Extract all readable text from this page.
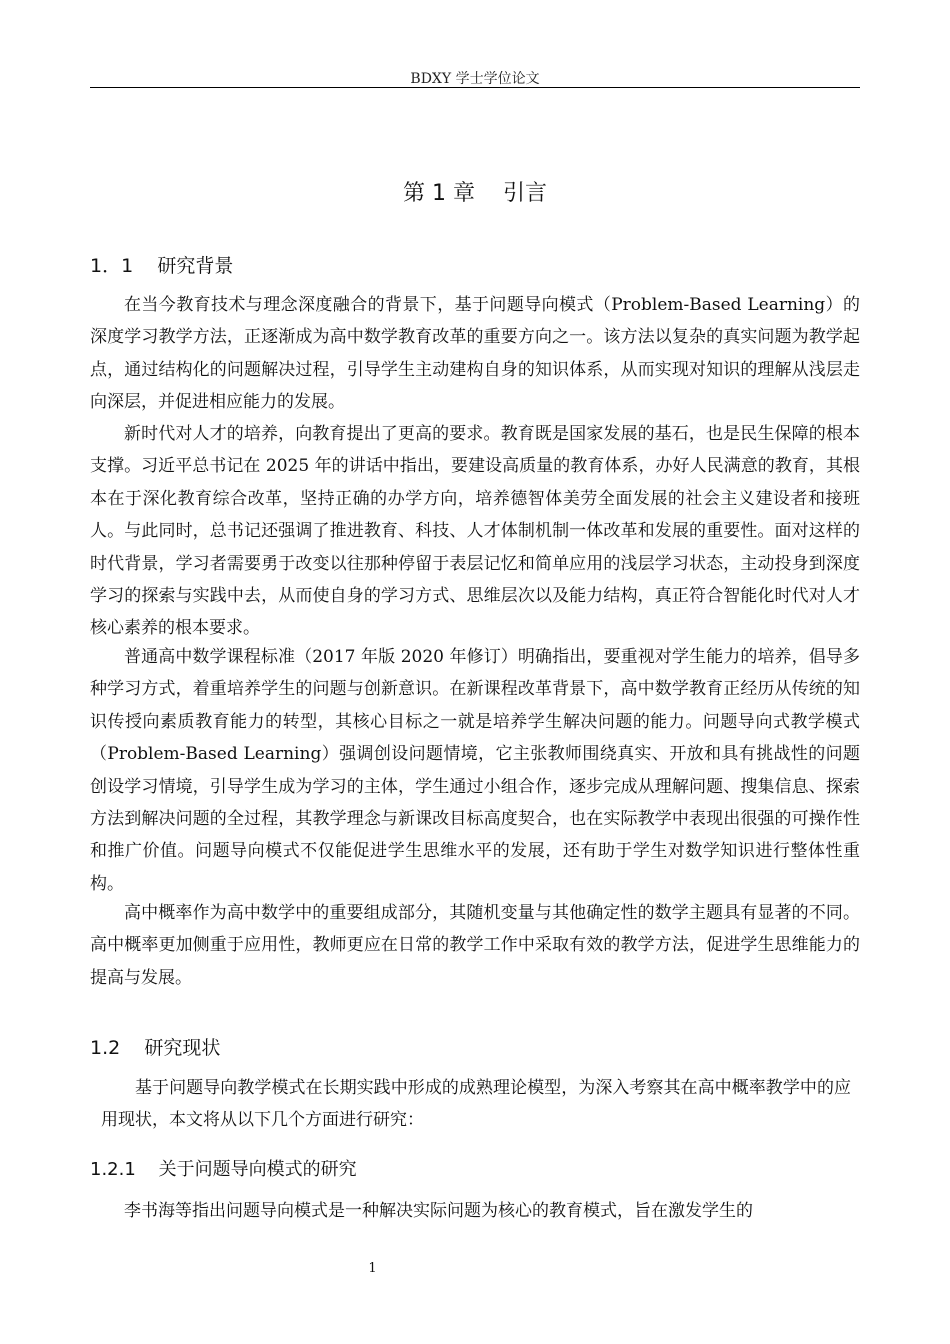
BDXY 学士学位论文
第 1 章    引言
1．1    研究背景

在当今教育技术与理念深度融合的背景下，基于问题导向模式（Problem-Based Learning）的深度学习教学方法，正逐渐成为高中数学教育改革的重要方向之一。该方法以复杂的真实问题为教学起点，通过结构化的问题解决过程，引导学生主动建构自身的知识体系，从而实现对知识的理解从浅层走向深层，并促进相应能力的发展。

新时代对人才的培养，向教育提出了更高的要求。教育既是国家发展的基石，也是民生保障的根本支撑。习近平总书记在 2025 年的讲话中指出，要建设高质量的教育体系，办好人民满意的教育，其根本在于深化教育综合改革，坚持正确的办学方向，培养德智体美劳全面发展的社会主义建设者和接班人。与此同时，总书记还强调了推进教育、科技、人才体制机制一体改革和发展的重要性。面对这样的时代背景，学习者需要勇于改变以往那种停留于表层记忆和简单应用的浅层学习状态，主动投身到深度学习的探索与实践中去，从而使自身的学习方式、思维层次以及能力结构，真正符合智能化时代对人才核心素养的根本要求。

普通高中数学课程标准（2017 年版 2020 年修订）明确指出，要重视对学生能力的培养，倡导多种学习方式，着重培养学生的问题与创新意识。在新课程改革背景下，高中数学教育正经历从传统的知识传授向素质教育能力的转型，其核心目标之一就是培养学生解决问题的能力。问题导向式教学模式（Problem-Based Learning）强调创设问题情境，它主张教师围绕真实、开放和具有挑战性的问题创设学习情境，引导学生成为学习的主体，学生通过小组合作，逐步完成从理解问题、搜集信息、探索方法到解决问题的全过程，其教学理念与新课改目标高度契合，也在实际教学中表现出很强的可操作性和推广价值。问题导向模式不仅能促进学生思维水平的发展，还有助于学生对数学知识进行整体性重构。

高中概率作为高中数学中的重要组成部分，其随机变量与其他确定性的数学主题具有显著的不同。高中概率更加侧重于应用性，教师更应在日常的教学工作中采取有效的教学方法，促进学生思维能力的提高与发展。

1.2    研究现状

基于问题导向教学模式在长期实践中形成的成熟理论模型，为深入考察其在高中概率教学中的应用现状，本文将从以下几个方面进行研究：

1.2.1    关于问题导向模式的研究

李书海等指出问题导向模式是一种解决实际问题为核心的教育模式，旨在激发学生的

1
